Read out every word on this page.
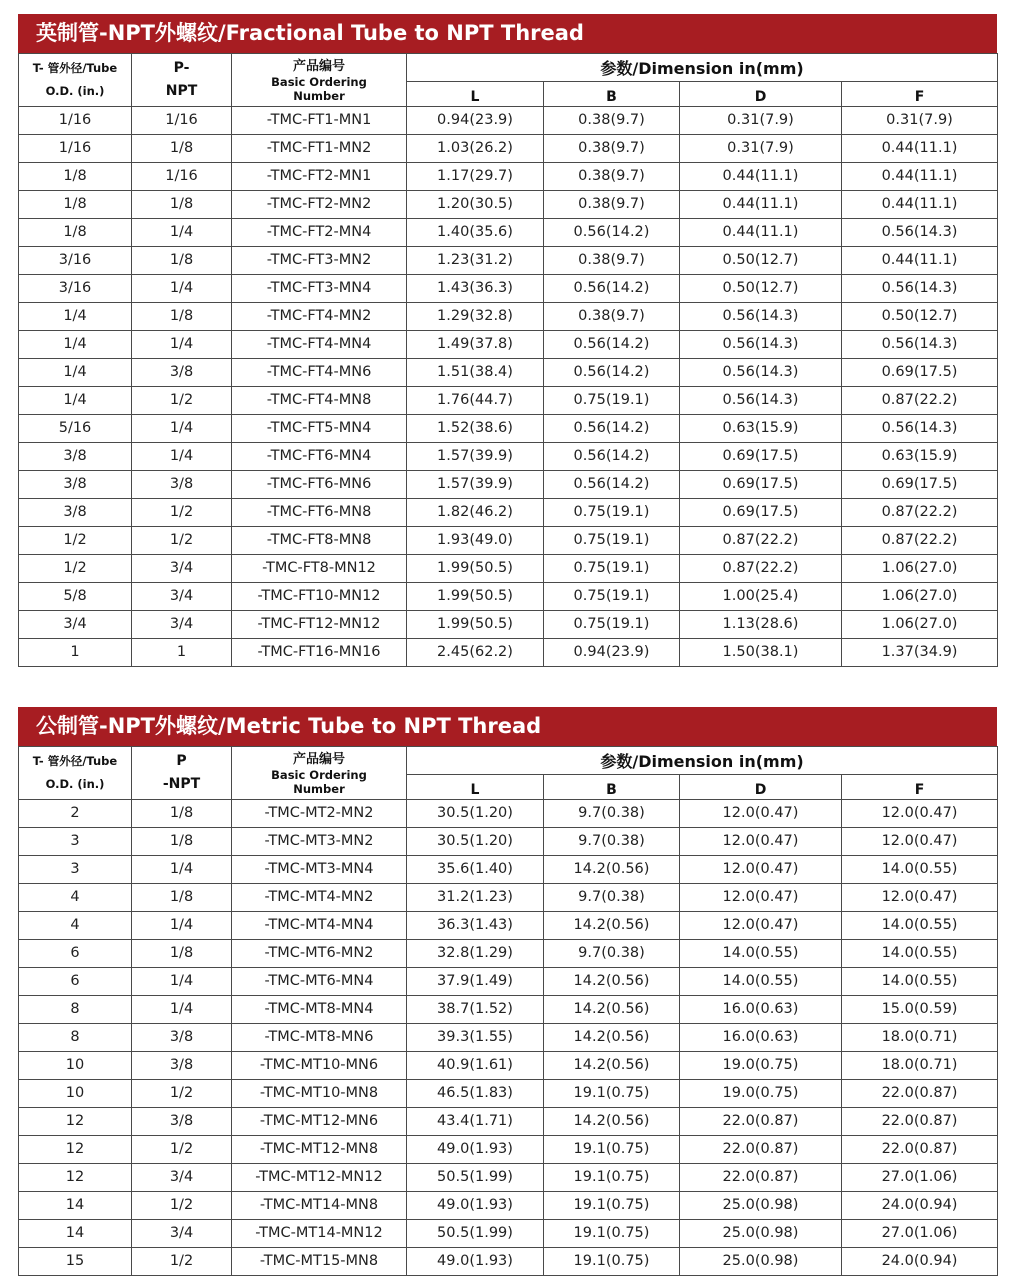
英制管-NPT外螺纹/Fractional Tube to NPT Thread
T- 管外径/Tube
O.D. (in.)	P-
NPT	产品编号
Basic Ordering
Number	参数/Dimension in(mm)			
			L	B	D	F
1/16	1/16	-TMC-FT1-MN1	0.94(23.9)	0.38(9.7)	0.31(7.9)	0.31(7.9)
1/16	1/8	-TMC-FT1-MN2	1.03(26.2)	0.38(9.7)	0.31(7.9)	0.44(11.1)
1/8	1/16	-TMC-FT2-MN1	1.17(29.7)	0.38(9.7)	0.44(11.1)	0.44(11.1)
1/8	1/8	-TMC-FT2-MN2	1.20(30.5)	0.38(9.7)	0.44(11.1)	0.44(11.1)
1/8	1/4	-TMC-FT2-MN4	1.40(35.6)	0.56(14.2)	0.44(11.1)	0.56(14.3)
3/16	1/8	-TMC-FT3-MN2	1.23(31.2)	0.38(9.7)	0.50(12.7)	0.44(11.1)
3/16	1/4	-TMC-FT3-MN4	1.43(36.3)	0.56(14.2)	0.50(12.7)	0.56(14.3)
1/4	1/8	-TMC-FT4-MN2	1.29(32.8)	0.38(9.7)	0.56(14.3)	0.50(12.7)
1/4	1/4	-TMC-FT4-MN4	1.49(37.8)	0.56(14.2)	0.56(14.3)	0.56(14.3)
1/4	3/8	-TMC-FT4-MN6	1.51(38.4)	0.56(14.2)	0.56(14.3)	0.69(17.5)
1/4	1/2	-TMC-FT4-MN8	1.76(44.7)	0.75(19.1)	0.56(14.3)	0.87(22.2)
5/16	1/4	-TMC-FT5-MN4	1.52(38.6)	0.56(14.2)	0.63(15.9)	0.56(14.3)
3/8	1/4	-TMC-FT6-MN4	1.57(39.9)	0.56(14.2)	0.69(17.5)	0.63(15.9)
3/8	3/8	-TMC-FT6-MN6	1.57(39.9)	0.56(14.2)	0.69(17.5)	0.69(17.5)
3/8	1/2	-TMC-FT6-MN8	1.82(46.2)	0.75(19.1)	0.69(17.5)	0.87(22.2)
1/2	1/2	-TMC-FT8-MN8	1.93(49.0)	0.75(19.1)	0.87(22.2)	0.87(22.2)
1/2	3/4	-TMC-FT8-MN12	1.99(50.5)	0.75(19.1)	0.87(22.2)	1.06(27.0)
5/8	3/4	-TMC-FT10-MN12	1.99(50.5)	0.75(19.1)	1.00(25.4)	1.06(27.0)
3/4	3/4	-TMC-FT12-MN12	1.99(50.5)	0.75(19.1)	1.13(28.6)	1.06(27.0)
1	1	-TMC-FT16-MN16	2.45(62.2)	0.94(23.9)	1.50(38.1)	1.37(34.9)
公制管-NPT外螺纹/Metric Tube to NPT Thread
T- 管外径/Tube
O.D. (in.)	P
-NPT	产品编号
Basic Ordering
Number	参数/Dimension in(mm)			
			L	B	D	F
2	1/8	-TMC-MT2-MN2	30.5(1.20)	9.7(0.38)	12.0(0.47)	12.0(0.47)
3	1/8	-TMC-MT3-MN2	30.5(1.20)	9.7(0.38)	12.0(0.47)	12.0(0.47)
3	1/4	-TMC-MT3-MN4	35.6(1.40)	14.2(0.56)	12.0(0.47)	14.0(0.55)
4	1/8	-TMC-MT4-MN2	31.2(1.23)	9.7(0.38)	12.0(0.47)	12.0(0.47)
4	1/4	-TMC-MT4-MN4	36.3(1.43)	14.2(0.56)	12.0(0.47)	14.0(0.55)
6	1/8	-TMC-MT6-MN2	32.8(1.29)	9.7(0.38)	14.0(0.55)	14.0(0.55)
6	1/4	-TMC-MT6-MN4	37.9(1.49)	14.2(0.56)	14.0(0.55)	14.0(0.55)
8	1/4	-TMC-MT8-MN4	38.7(1.52)	14.2(0.56)	16.0(0.63)	15.0(0.59)
8	3/8	-TMC-MT8-MN6	39.3(1.55)	14.2(0.56)	16.0(0.63)	18.0(0.71)
10	3/8	-TMC-MT10-MN6	40.9(1.61)	14.2(0.56)	19.0(0.75)	18.0(0.71)
10	1/2	-TMC-MT10-MN8	46.5(1.83)	19.1(0.75)	19.0(0.75)	22.0(0.87)
12	3/8	-TMC-MT12-MN6	43.4(1.71)	14.2(0.56)	22.0(0.87)	22.0(0.87)
12	1/2	-TMC-MT12-MN8	49.0(1.93)	19.1(0.75)	22.0(0.87)	22.0(0.87)
12	3/4	-TMC-MT12-MN12	50.5(1.99)	19.1(0.75)	22.0(0.87)	27.0(1.06)
14	1/2	-TMC-MT14-MN8	49.0(1.93)	19.1(0.75)	25.0(0.98)	24.0(0.94)
14	3/4	-TMC-MT14-MN12	50.5(1.99)	19.1(0.75)	25.0(0.98)	27.0(1.06)
15	1/2	-TMC-MT15-MN8	49.0(1.93)	19.1(0.75)	25.0(0.98)	24.0(0.94)
